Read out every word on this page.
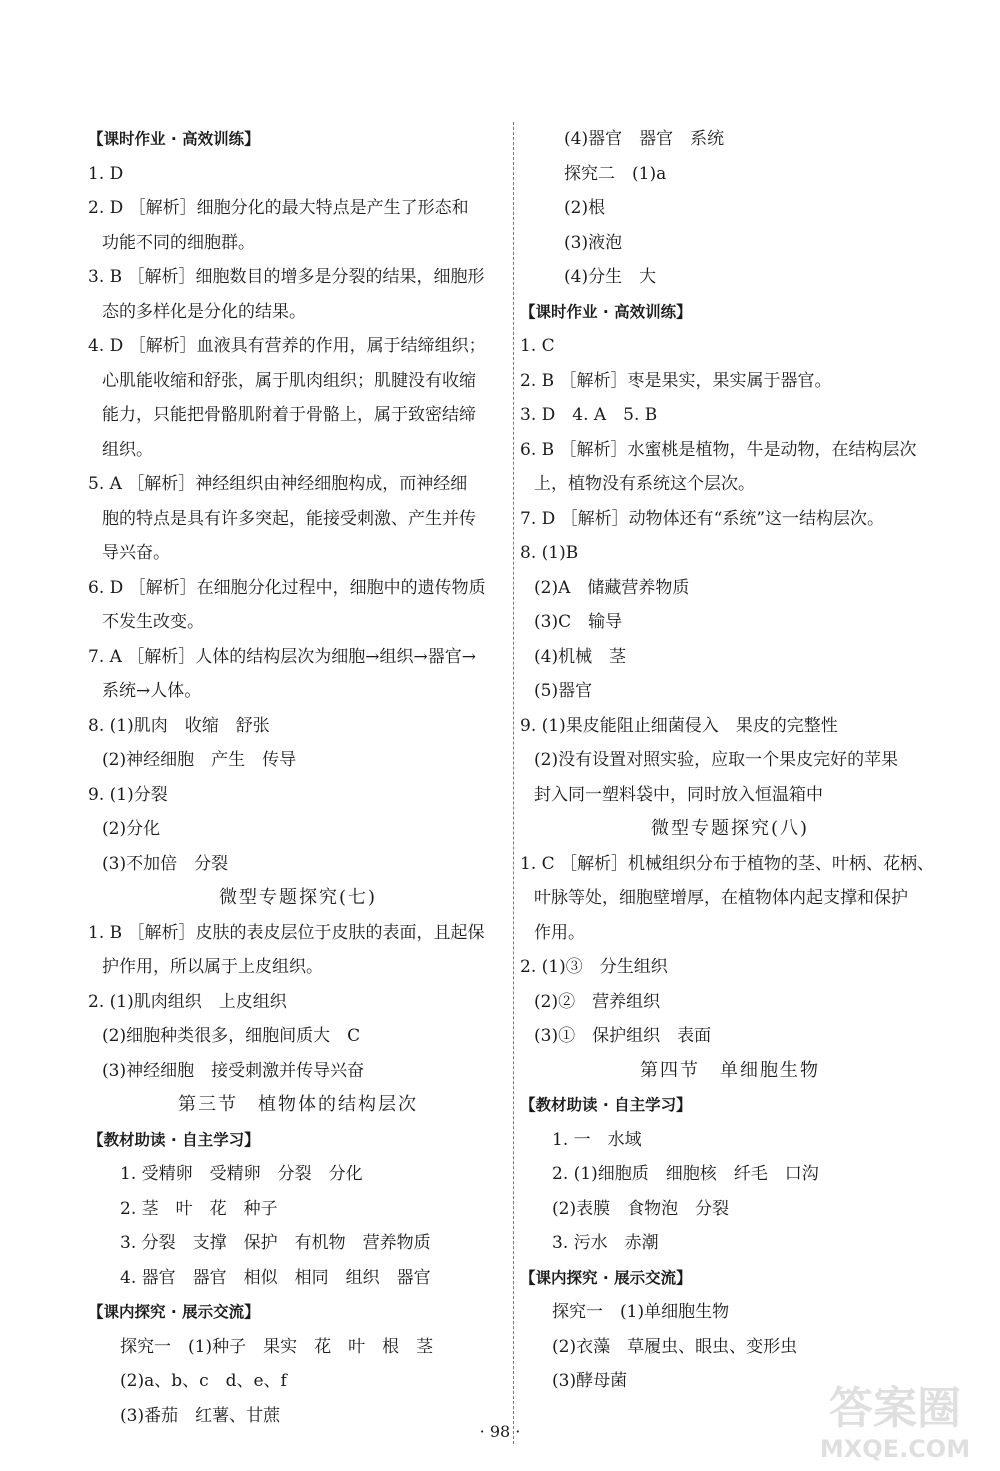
【课时作业 · 高效训练】
1. D
2. D ［解析］细胞分化的最大特点是产生了形态和
功能不同的细胞群。
3. B ［解析］细胞数目的增多是分裂的结果，细胞形
态的多样化是分化的结果。
4. D ［解析］血液具有营养的作用，属于结缔组织；
心肌能收缩和舒张，属于肌肉组织；肌腱没有收缩
能力，只能把骨骼肌附着于骨骼上，属于致密结缔
组织。
5. A ［解析］神经组织由神经细胞构成，而神经细
胞的特点是具有许多突起，能接受刺激、产生并传
导兴奋。
6. D ［解析］在细胞分化过程中，细胞中的遗传物质
不发生改变。
7. A ［解析］人体的结构层次为细胞→组织→器官→
系统→人体。
8. (1)肌肉　收缩　舒张
(2)神经细胞　产生　传导
9. (1)分裂
(2)分化
(3)不加倍　分裂
微型专题探究(七)
1. B ［解析］皮肤的表皮层位于皮肤的表面，且起保
护作用，所以属于上皮组织。
2. (1)肌肉组织　上皮组织
(2)细胞种类很多，细胞间质大　C
(3)神经细胞　接受刺激并传导兴奋
第三节　植物体的结构层次
【教材助读 · 自主学习】
1. 受精卵　受精卵　分裂　分化
2. 茎　叶　花　种子
3. 分裂　支撑　保护　有机物　营养物质
4. 器官　器官　相似　相同　组织　器官
【课内探究 · 展示交流】
探究一　(1)种子　果实　花　叶　根　茎
(2)a、b、c　d、e、f
(3)番茄　红薯、甘蔗
(4)器官　器官　系统
探究二　(1)a
(2)根
(3)液泡
(4)分生　大
【课时作业 · 高效训练】
1. C
2. B ［解析］枣是果实，果实属于器官。
3. D　4. A　5. B
6. B ［解析］水蜜桃是植物，牛是动物，在结构层次
上，植物没有系统这个层次。
7. D ［解析］动物体还有“系统”这一结构层次。
8. (1)B
(2)A　储藏营养物质
(3)C　输导
(4)机械　茎
(5)器官
9. (1)果皮能阻止细菌侵入　果皮的完整性
(2)没有设置对照实验，应取一个果皮完好的苹果
封入同一塑料袋中，同时放入恒温箱中
微型专题探究(八)
1. C ［解析］机械组织分布于植物的茎、叶柄、花柄、
叶脉等处，细胞壁增厚，在植物体内起支撑和保护
作用。
2. (1)③　分生组织
(2)②　营养组织
(3)①　保护组织　表面
第四节　单细胞生物
【教材助读 · 自主学习】
1. 一　水域
2. (1)细胞质　细胞核　纤毛　口沟
(2)表膜　食物泡　分裂
3. 污水　赤潮
【课内探究 · 展示交流】
探究一　(1)单细胞生物
(2)衣藻　草履虫、眼虫、变形虫
(3)酵母菌
· 98 ·	答案圈
MXQE.COM
